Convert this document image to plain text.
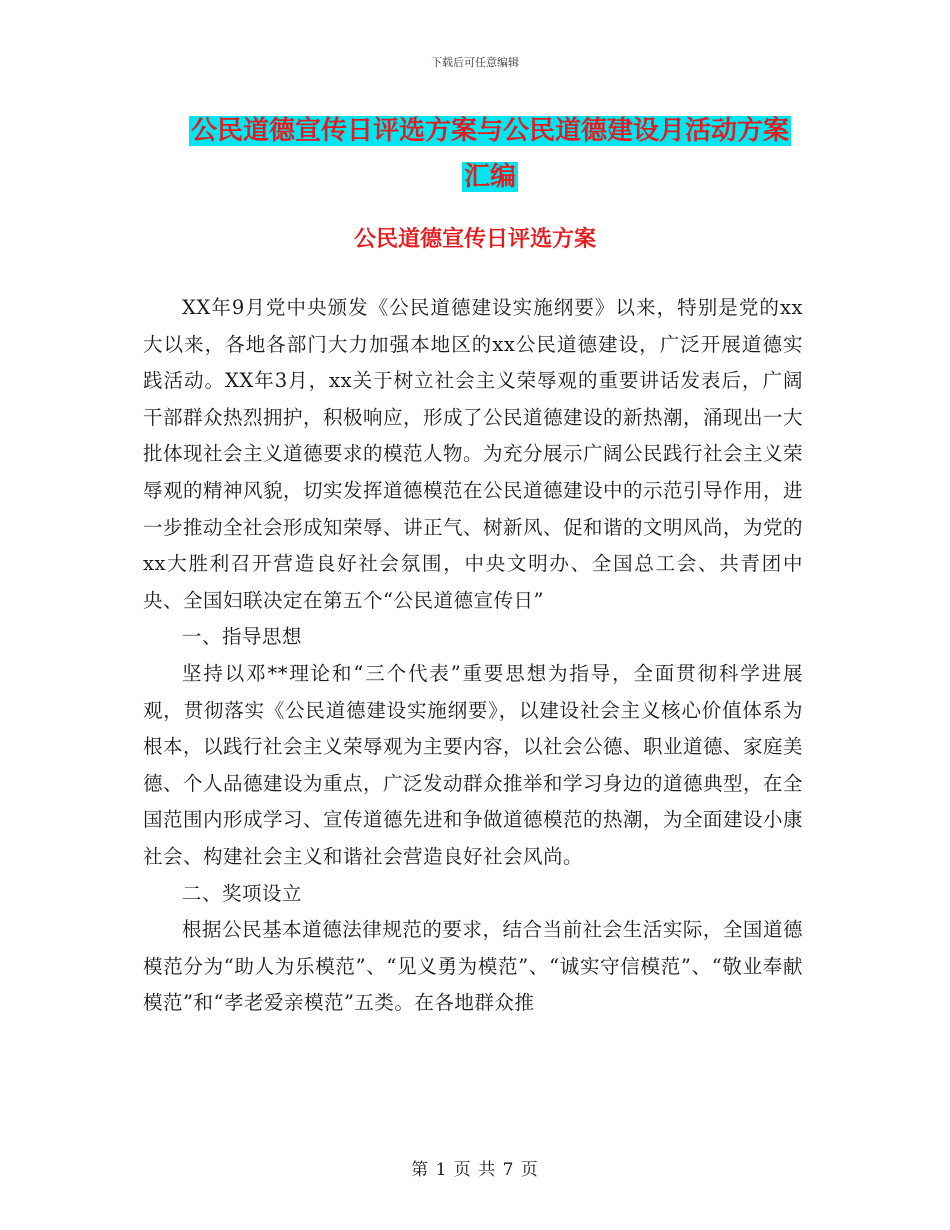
下载后可任意编辑
公民道德宣传日评选方案与公民道德建设月活动方案
汇编
公民道德宣传日评选方案

XX年9月党中央颁发《公民道德建设实施纲要》以来，特别是党的xx大以来，各地各部门大力加强本地区的xx公民道德建设，广泛开展道德实践活动。XX年3月，xx关于树立社会主义荣辱观的重要讲话发表后，广阔干部群众热烈拥护，积极响应，形成了公民道德建设的新热潮，涌现出一大批体现社会主义道德要求的模范人物。为充分展示广阔公民践行社会主义荣辱观的精神风貌，切实发挥道德模范在公民道德建设中的示范引导作用，进一步推动全社会形成知荣辱、讲正气、树新风、促和谐的文明风尚，为党的xx大胜利召开营造良好社会氛围，中央文明办、全国总工会、共青团中央、全国妇联决定在第五个“公民道德宣传日”

一、指导思想

坚持以邓**理论和“三个代表”重要思想为指导，全面贯彻科学进展观，贯彻落实《公民道德建设实施纲要》，以建设社会主义核心价值体系为根本，以践行社会主义荣辱观为主要内容，以社会公德、职业道德、家庭美德、个人品德建设为重点，广泛发动群众推举和学习身边的道德典型，在全国范围内形成学习、宣传道德先进和争做道德模范的热潮，为全面建设小康社会、构建社会主义和谐社会营造良好社会风尚。

二、奖项设立

根据公民基本道德法律规范的要求，结合当前社会生活实际，全国道德模范分为“助人为乐模范”、“见义勇为模范”、“诚实守信模范”、“敬业奉献模范”和“孝老爱亲模范”五类。在各地群众推

第 1 页 共 7 页
